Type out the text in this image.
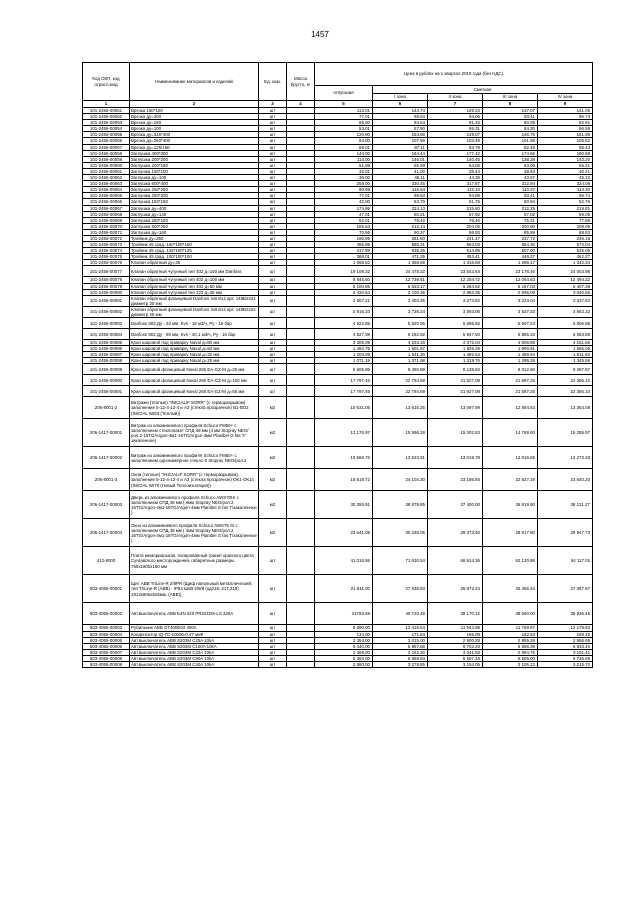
1457
Код ОКП, код отрасл.мод	Наименование материалов и изделий	Ед. изм.	Масса брутто, кг	Цена в рублях на 1 квартал 2018 года (без НДС)				
				отпускная	Сметная			
					I зона	II зона	III зона	IV зона
1	2	3	4	5	6	7	8	9
101-2456-00051	Врезка 150*100	шт		113.01	144.74	129.23	137.07	141.06
101-2456-00052	Врезка ду=200	шт		77.01	98.63	94.06	93.41	96.74
101-2456-00053	Врезка ду=160	шт		66.00	84.53	81.32	80.05	82.91
101-2456-00054	Врезка ду=100	шт		53.01	67.90	65.31	64.30	66.59
101-2456-00055	Врезка ду=315*400	шт		120.90	154.86	149.07	146.75	151.96
101-2456-00056	Врезка ду=250*400	шт		84.00	107.59	103.49	101.89	105.52
101-2456-00057	Врезка ду=125/160	шт		68.01	87.11	83.79	82.49	85.43
101-2456-00058	Заглушка 400*300	шт		144.00	184.44	177.42	174.66	180.88
101-2456-00059	Заглушка 200*200	шт		114.00	146.01	140.45	138.28	143.20
101-2456-00060	Заглушка 200*150	шт		51.99	66.59	64.05	63.06	65.31
101-2456-00061	Заглушка 150*100	шт		32.01	41.00	39.44	38.83	40.21
101-2456-00062	Заглушка ду=100	шт		36.00	46.11	44.35	43.67	45.22
101-2456-00063	Заглушка 600*400	шт		258.00	330.45	317.87	312.94	324.08
101-2456-00064	Заглушка 250*250	шт		90.99	116.54	112.10	110.37	114.30
101-2456-00065	Заглушка 250*200	шт		77.01	98.63	94.88	93.41	96.74
101-2456-00066	Заглушка 150*150	шт		42.00	53.79	51.75	50.94	52.76
101-2456-00067	Заглушка ду=400	шт		174.99	224.13	215.60	212.25	219.81
101-2456-00068	Заглушка ду=140	шт		47.01	60.21	57.92	57.02	59.05
101-2456-00069	Заглушка 250*150	шт		62.01	79.42	76.40	75.21	77.89
101-2456-00070	Заглушка 500*250	шт		165.63	212.14	204.06	200.90	208.05
101-2456-00071	Заглушка ду=160	шт		70.56	90.37	86.93	85.59	88.63
101-2456-00072	Тройник ду=250	шт		196.99	251.60	241.47	237.72	246.18
101-2456-00073	Тройник 45 град. 160*100*160	шт		456.99	585.31	563.03	554.30	574.04
101-2456-00074	Тройник 45 град. 125*100*125	шт		417.99	535.36	514.98	507.00	525.05
101-2456-00075	Тройник 45 град. 100*100*100	шт		368.01	471.35	453.41	446.37	462.27
101-2456-00076	Клапан обратный ду=25	шт		1 068.62	1 368.69	1 316.59	1 296.17	1 342.34
101-2456-00077	Клапан обратный чугунный тип 402 д=150 мм Danfoss	шт		19 109.32	24 475.22	23 543.64	23 178.46	24 003.98
101-2456-00078	Клапан обратный чугунный тип 402 д=100 мм	шт		9 946.60	12 739.61	12 254.72	12 064.63	12 494.32
101-2456-00079	Клапан обратный чугунный тип 402 д=50 мм	шт		5 100.85	6 533.17	6 284.52	6 187.03	6 407.38
101-2456-00080	Клапан обратный чугунный тип 223 д=25 мм	шт		2 420.64	3 100.36	2 982.35	2 936.09	3 040.66
101-2456-00081	Клапан обратный фланцевый Danfoss тип.812 арт. 149B2421 диаметр 20 мм	шт		2 657.21	3 403.35	3 273.82	3 223.04	3 337.83
101-2456-00082	Клапан обратный фланцевый Danfoss тип.812 арт. 149B2422 диаметр 25 мм	шт		2 916.33	3 735.24	3 593.06	3 537.33	3 663.32
101-2456-00083	Danfoss 802 Ду - 32 мм, Kvs - 18 м3/ч, Ру - 16 бар	шт		4 622.85	5 920.95	5 695.56	5 607.24	5 806.95
101-2456-00084	Danfoss 802 Ду - 50 мм, Kvs - 40,1 м3/ч, Ру - 16 бар	шт		4 827.39	6 182.92	5 947.50	5 855.33	6 063.88
101-2456-00085	Кран шаровой под приварку Naval д=80 мм	шт		3 305.09	4 233.16	4 072.04	4 008.88	4 151.66
101-2456-00086	Кран шаровой под приварку Naval д=50 мм	шт		1 484.75	1 901.67	1 829.29	1 800.91	1 865.05
101-2456-00087	Кран шаровой под приварку Naval д=32 мм	шт		1 203.39	1 541.30	1 482.64	1 459.64	1 511.63
101-2456-00088	Кран шаровой под приварку Naval д=25 мм	шт		1 071.19	1 371.98	1 319.76	1 299.29	1 345.56
101-2456-00089	Кран шаровой фланцевый Naval 265 EA-GZ-M д=25 мм	шт		6 605.95	8 460.88	8 138.84	8 012.60	8 297.97
101-2456-00090	Кран шаровой фланцевый Naval 265 EA-GZ-M д=100 мм	шт		17 797.46	22 794.69	21 927.08	21 587.25	22 356.10
101-2456-00091	Кран шаровой фланцевый Naval 265 EA-GZ-M д=65 мм	шт		17 797.46	22 794.69	21 927.08	21 587.25	22 356.10
206-8001-2	Витражи (теплые) "INICIALIF SORR" (с терморазрывом) заполнение 5-12-4-12-4 и А3 (стекла прозрачное) В1-ВО2 (INICIAL IW63 (Теплый))	м2		10 631.05	13 616.25	13 097.99	12 894.63	13 354.08
206-1417-00001	Витраж из алюминиевого профиля Schuco FM50+ с заполнением стеклопакет СПД 48 мм (4 мм Stopray NEO/рол.2-16TG/Argon-4м1-16TG/Argon-4мм Planibel G fas T/закаленное)	м2		12 176.97	15 596.28	15 002.63	14 769.60	15 295.97
206-1417-00002	Витраж из алюминиевого профиля Schuco FM50+ с заполнением однокамерное стекло 6 Stopray NEO/рол.2	м2		10 566.76	13 533.91	13 018.78	12 816.65	13 273.33
206-8001-3	Окна (теплые) "INICIALIF SORR" (с терморазрывом) заполнение 5-12-4-12-4 и А3 (стекла прозрачное) ОК1-ОК14 (INICIAL IW70 (Новый Теплоизоляция))	м2		18 819.72	24 104.30	23 186.84	22 827.19	23 640.20
206-1417-00003	Дверь из алюминиевого профиля Schuco AWS70HI с заполнением СПД 48 мм ( 4мм Stopray NEO/рол.2 16TG/Argon-4м1-16TG/Argon-4мм Planibel G fas T/закаленное )	м2		30 355.91	38 879.85	37 400.00	36 819.90	38 131.27
206-1417-00004	Окно из алюминиевого профиля Schuco AWS75 SI с заполнением СПД 48 мм ( 4мм Stopray NEO/рол.2 16TG/Argon-4м1-16TG/Argon-4мм Planibel G fas T/закаленное )	м2		23 641.08	30 335.05	29 373.40	28 917.80	29 947.73
412-8000	Плита мемориальная, полированный гранит красного цвета Сунгавского месторождения, габаритные размеры 750х1800х150 мм	шт		41 016.95	71 630.54	66 914.36	62 120.86	64 117.01
503-4055-00001	Щит АВВ TriLine-R 2/8PR (Щиф напольный металлический, тип TriLine-R (АВВ) - IP54 ШхВ 2/8/8 (хд216, 217,218) 1913x806x625мм. (АВВ))	шт		21 811.00	27 935.83	26 872.24	26 455.44	27 397.67
503-4055-00002	Авт.выключатель ABB E4N 320 PR221DS-LS 320A	шт		31793.69	40 720.48	39 170.12	38 560.00	39 936.45
503-4055-00003	Рубильник ABB OT400E03 400A	шт		9 690.00	12 415.64	11 943.98	11 759.87	12 179.83
503-4055-00004	Конденсатор IQ-7C-10006-0.47 мкФ	шт		134.00	171.63	165.09	162.53	168.32
503-4055-00005	Авт.выключатель ABB S203M C25A 10kA	шт		2 354.00	3 015.00	2 900.28	2 855.28	2 956.95
503-4055-00006	Авт.выключатель ABB S203M C100A 10kA	шт		5 440.00	6 967.56	6 702.29	6 598.39	6 833.40
503-4055-00007	Авт.выключатель ABB S203M C32A 10kA	шт		2 469.00	3 162.30	3 041.93	2 994.76	3 101.41
503-4055-00008	Авт.выключатель ABB S203M C80A 10kA	шт		5 363.00	6 868.93	6 607.48	6 505.00	6 736.68
503-4055-00009	Авт.выключатель ABB S203M C40A 10kA	шт		2 580.00	3 278.85	3 154.05	3 105.13	3 215.72
